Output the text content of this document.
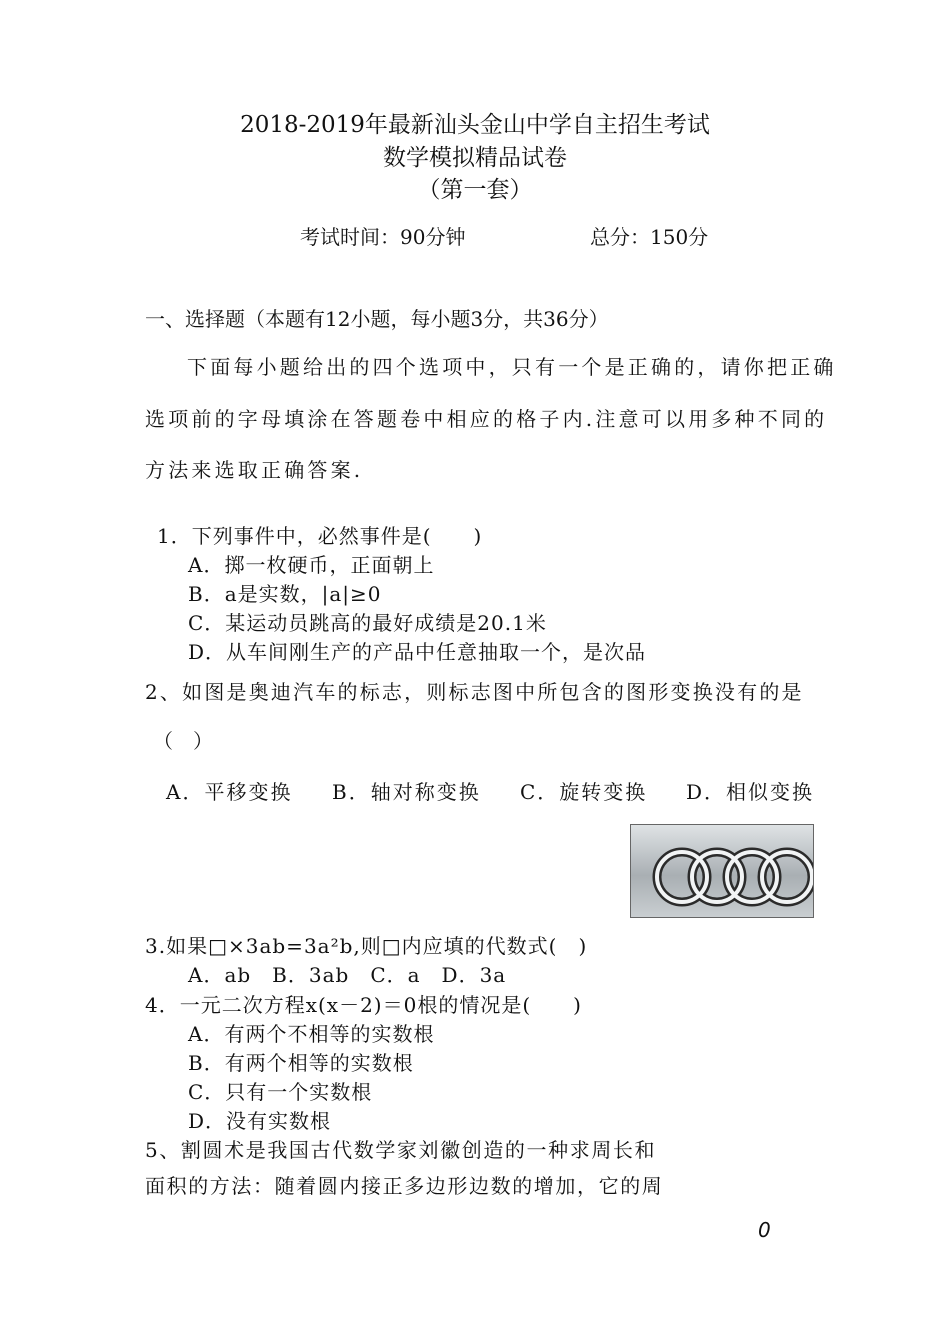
2018-2019年最新汕头金山中学自主招生考试
数学模拟精品试卷
（第一套）
考试时间：90分钟	总分：150分
一、选择题（本题有12小题，每小题3分，共36分）
下面每小题给出的四个选项中，只有一个是正确的，请你把正确
选项前的字母填涂在答题卷中相应的格子内.注意可以用多种不同的
方法来选取正确答案.
1．下列事件中，必然事件是(　　)
A．掷一枚硬币，正面朝上
B．a是实数，|a|≥0
C．某运动员跳高的最好成绩是20.1米
D．从车间刚生产的产品中任意抽取一个，是次品
2、如图是奥迪汽车的标志，则标志图中所包含的图形变换没有的是
（　）
A．平移变换 B．轴对称变换 C．旋转变换 D．相似变换
3.如果□×3ab=3a²b,则□内应填的代数式(　)
A．ab　B．3ab　C．a　D．3a
4．一元二次方程x(x－2)＝0根的情况是(　　)
A．有两个不相等的实数根
B．有两个相等的实数根
C．只有一个实数根
D．没有实数根
5、割圆术是我国古代数学家刘徽创造的一种求周长和
面积的方法：随着圆内接正多边形边数的增加，它的周
0
